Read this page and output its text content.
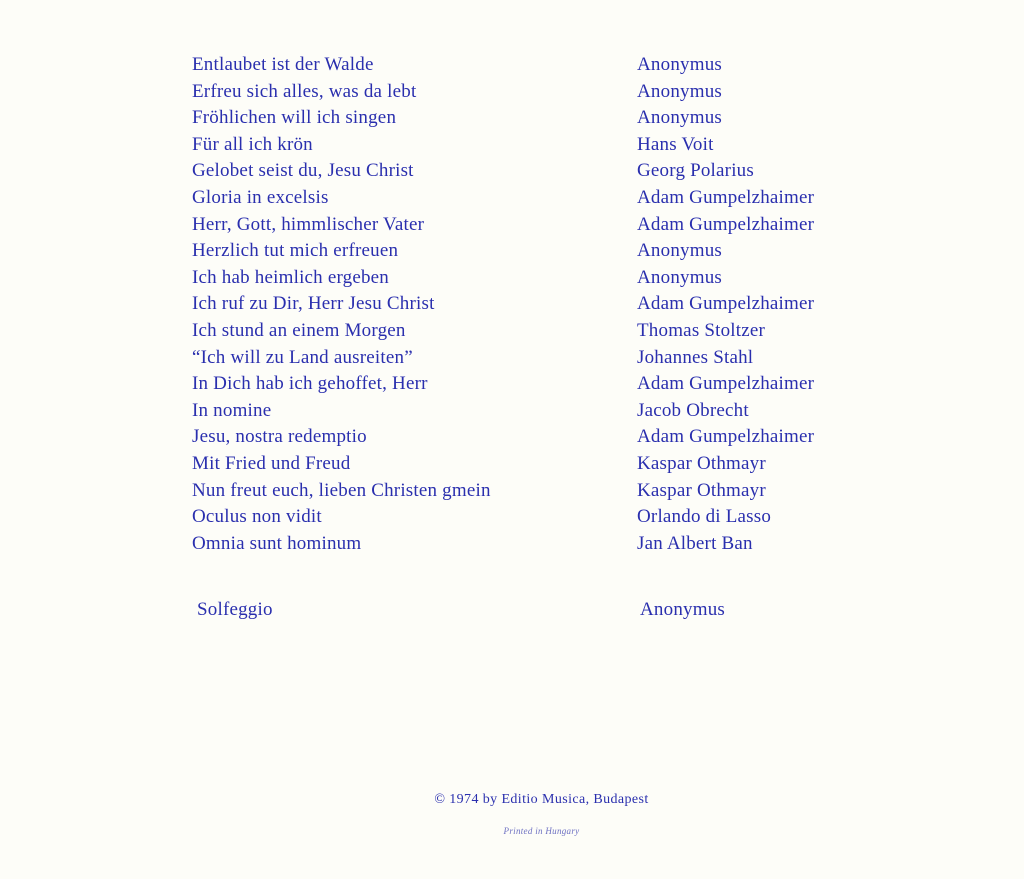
Entlaubet ist der Walde	Anonymus
Erfreu sich alles, was da lebt	Anonymus
Fröhlichen will ich singen	Anonymus
Für all ich krön	Hans Voit
Gelobet seist du, Jesu Christ	Georg Polarius
Gloria in excelsis	Adam Gumpelzhaimer
Herr, Gott, himmlischer Vater	Adam Gumpelzhaimer
Herzlich tut mich erfreuen	Anonymus
Ich hab heimlich ergeben	Anonymus
Ich ruf zu Dir, Herr Jesu Christ	Adam Gumpelzhaimer
Ich stund an einem Morgen	Thomas Stoltzer
“Ich will zu Land ausreiten”	Johannes Stahl
In Dich hab ich gehoffet, Herr	Adam Gumpelzhaimer
In nomine	Jacob Obrecht
Jesu, nostra redemptio	Adam Gumpelzhaimer
Mit Fried und Freud	Kaspar Othmayr
Nun freut euch, lieben Christen gmein	Kaspar Othmayr
Oculus non vidit	Orlando di Lasso
Omnia sunt hominum	Jan Albert Ban
Solfeggio	Anonymus
© 1974 by Editio Musica, Budapest
Printed in Hungary
